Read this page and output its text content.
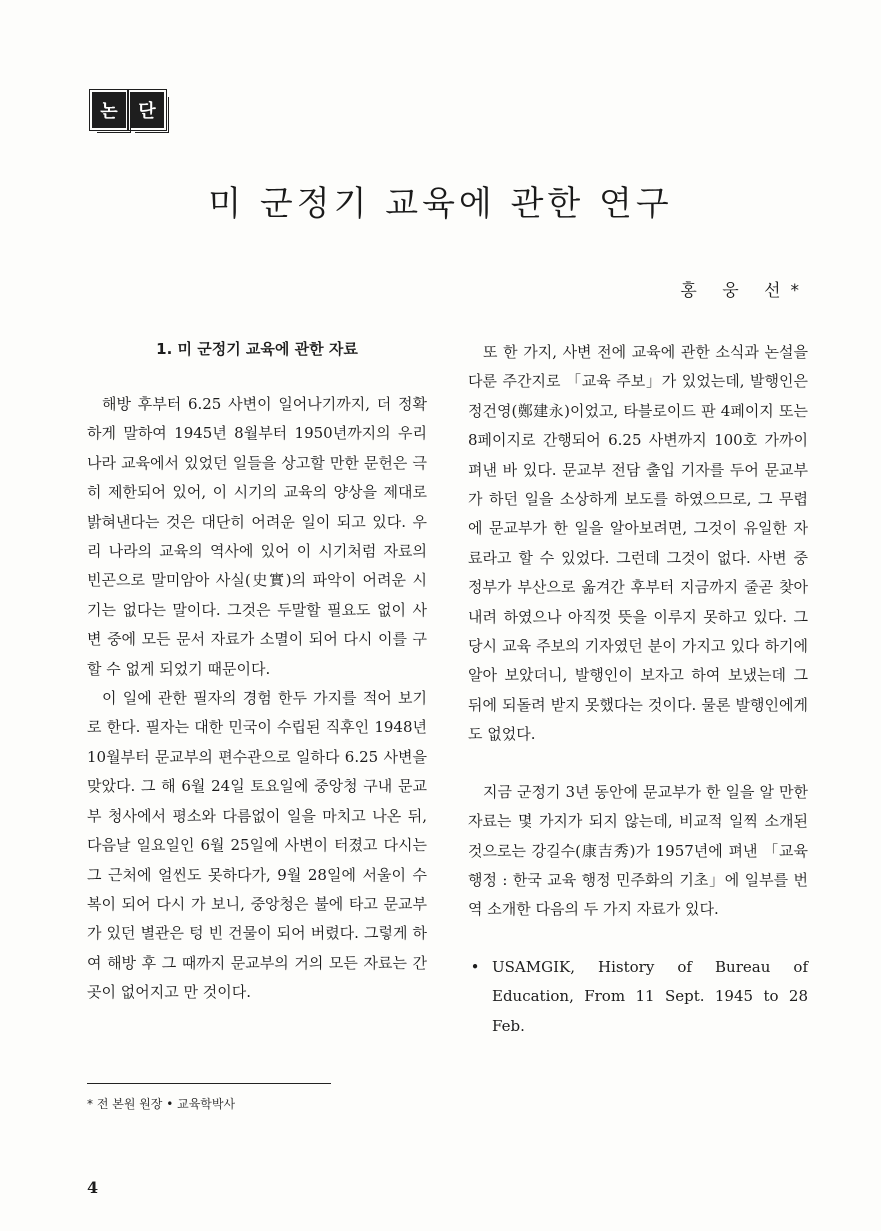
논	단
미 군정기 교육에 관한 연구
홍 웅 선*
1. 미 군정기 교육에 관한 자료

해방 후부터 6.25 사변이 일어나기까지, 더 정확하게 말하여 1945년 8월부터 1950년까지의 우리 나라 교육에서 있었던 일들을 상고할 만한 문헌은 극히 제한되어 있어, 이 시기의 교육의 양상을 제대로 밝혀낸다는 것은 대단히 어려운 일이 되고 있다. 우리 나라의 교육의 역사에 있어 이 시기처럼 자료의 빈곤으로 말미암아 사실(史實)의 파악이 어려운 시기는 없다는 말이다. 그것은 두말할 필요도 없이 사변 중에 모든 문서 자료가 소멸이 되어 다시 이를 구할 수 없게 되었기 때문이다.

이 일에 관한 필자의 경험 한두 가지를 적어 보기로 한다. 필자는 대한 민국이 수립된 직후인 1948년 10월부터 문교부의 편수관으로 일하다 6.25 사변을 맞았다. 그 해 6월 24일 토요일에 중앙청 구내 문교부 청사에서 평소와 다름없이 일을 마치고 나온 뒤, 다음날 일요일인 6월 25일에 사변이 터졌고 다시는 그 근처에 얼씬도 못하다가, 9월 28일에 서울이 수복이 되어 다시 가 보니, 중앙청은 불에 타고 문교부가 있던 별관은 텅 빈 건물이 되어 버렸다. 그렇게 하여 해방 후 그 때까지 문교부의 거의 모든 자료는 간 곳이 없어지고 만 것이다.

또 한 가지, 사변 전에 교육에 관한 소식과 논설을 다룬 주간지로 「교육 주보」가 있었는데, 발행인은 정건영(鄭建永)이었고, 타블로이드 판 4페이지 또는 8페이지로 간행되어 6.25 사변까지 100호 가까이 펴낸 바 있다. 문교부 전담 출입 기자를 두어 문교부가 하던 일을 소상하게 보도를 하였으므로, 그 무렵에 문교부가 한 일을 알아보려면, 그것이 유일한 자료라고 할 수 있었다. 그런데 그것이 없다. 사변 중 정부가 부산으로 옮겨간 후부터 지금까지 줄곧 찾아내려 하였으나 아직껏 뜻을 이루지 못하고 있다. 그 당시 교육 주보의 기자였던 분이 가지고 있다 하기에 알아 보았더니, 발행인이 보자고 하여 보냈는데 그 뒤에 되돌려 받지 못했다는 것이다. 물론 발행인에게도 없었다.

지금 군정기 3년 동안에 문교부가 한 일을 알 만한 자료는 몇 가지가 되지 않는데, 비교적 일찍 소개된 것으로는 강길수(康吉秀)가 1957년에 펴낸 「교육 행정 : 한국 교육 행정 민주화의 기초」에 일부를 번역 소개한 다음의 두 가지 자료가 있다.

• USAMGIK, History of Bureau of Education, From 11 Sept. 1945 to 28 Feb.
* 전 본원 원장 • 교육학박사
4
